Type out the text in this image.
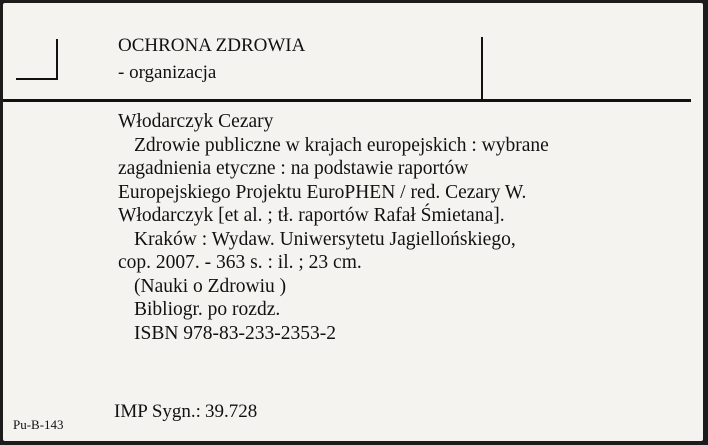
OCHRONA ZDROWIA
- organizacja
Włodarczyk Cezary
Zdrowie publiczne w krajach europejskich : wybrane
zagadnienia etyczne : na podstawie raportów
Europejskiego Projektu EuroPHEN / red. Cezary W.
Włodarczyk [et al. ; tł. raportów Rafał Śmietana].
Kraków : Wydaw. Uniwersytetu Jagiellońskiego,
cop. 2007. - 363 s. : il. ; 23 cm.
(Nauki o Zdrowiu )
Bibliogr. po rozdz.
ISBN 978-83-233-2353-2
IMP Sygn.: 39.728
Pu-B-143
